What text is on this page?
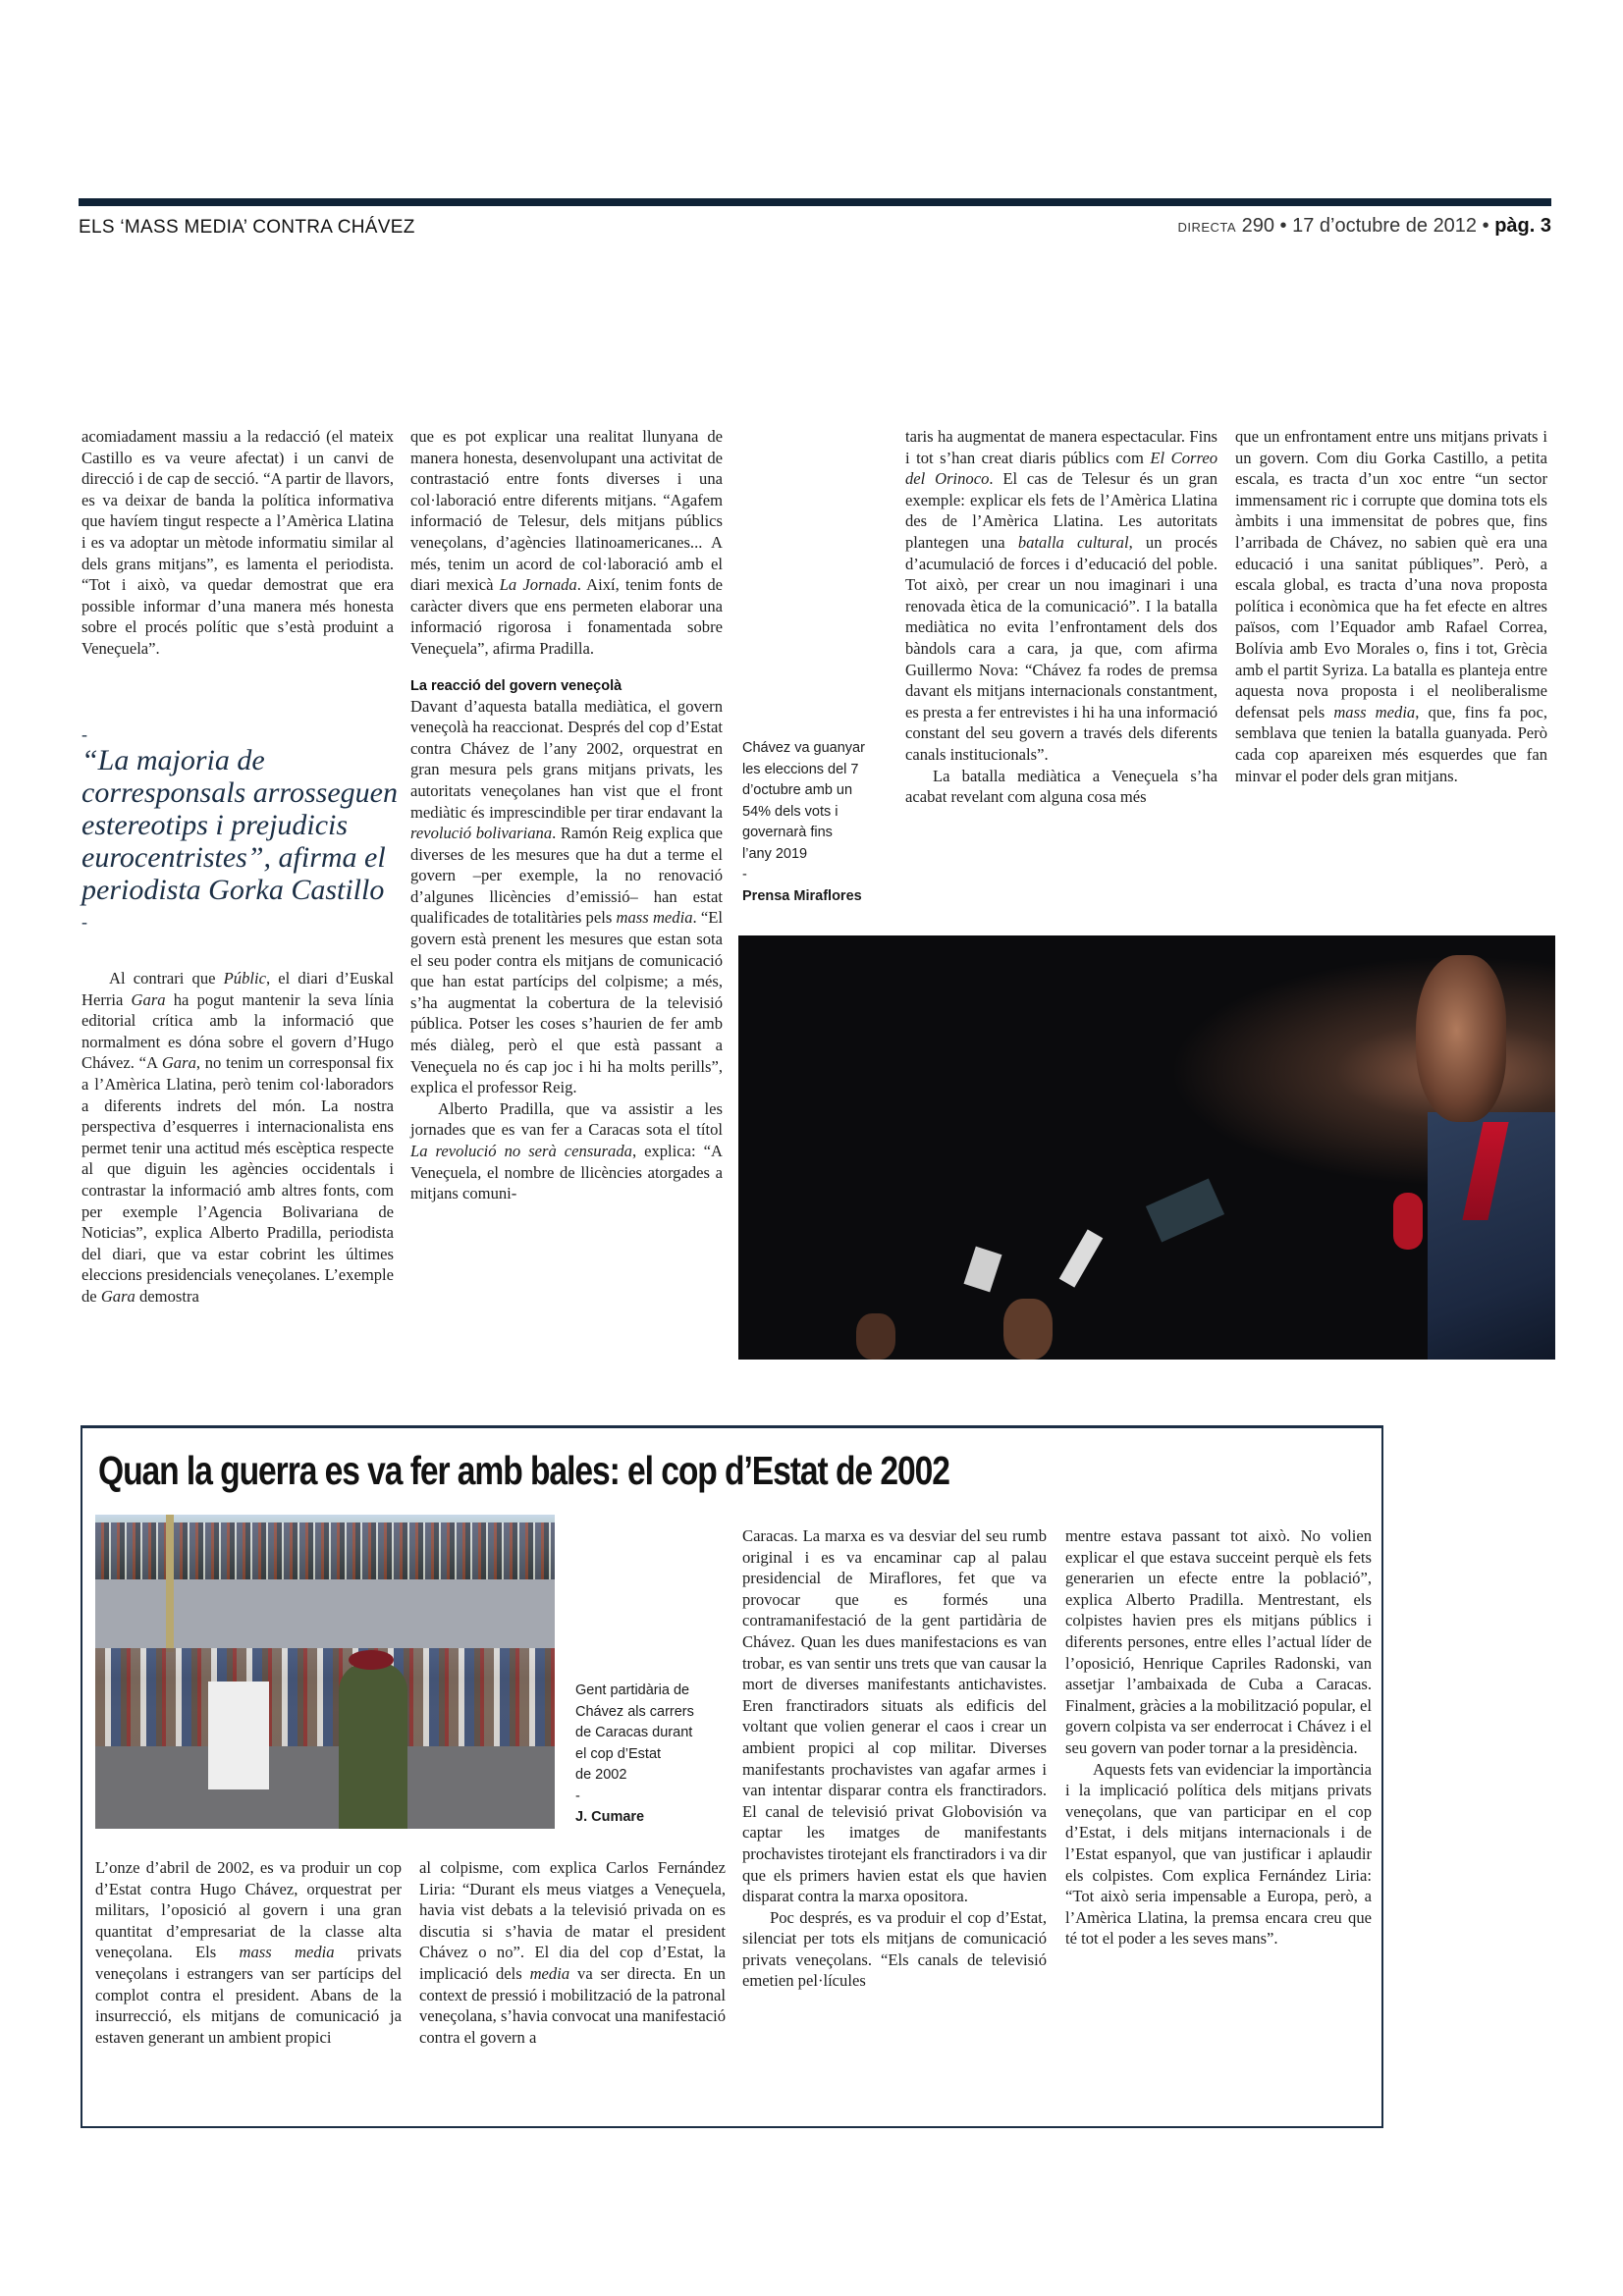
ELS ‘MASS MEDIA’ CONTRA CHÁVEZ	DIRECTA 290 • 17 d’octubre de 2012 • pàg. 3

acomiadament massiu a la redacció (el mateix Castillo es va veure afectat) i un canvi de direcció i de cap de secció. “A partir de llavors, es va deixar de banda la política informativa que havíem tingut respecte a l’Amèrica Llatina i es va adoptar un mètode informatiu similar al dels grans mitjans”, es lamenta el periodista. “Tot i això, va quedar demostrat que era possible informar d’una manera més honesta sobre el procés polític que s’està produint a Veneçuela”.

-
“La majoria de corresponsals arrosseguen estereotips i prejudicis eurocentristes”, afirma el periodista Gorka Castillo
-

Al contrari que Públic, el diari d’Euskal Herria Gara ha pogut mantenir la seva línia editorial crítica amb la informació que normalment es dóna sobre el govern d’Hugo Chávez. “A Gara, no tenim un corresponsal fix a l’Amèrica Llatina, però tenim col·laboradors a diferents indrets del món. La nostra perspectiva d’esquerres i internacionalista ens permet tenir una actitud més escèptica respecte al que diguin les agències occidentals i contrastar la informació amb altres fonts, com per exemple l’Agencia Bolivariana de Noticias”, explica Alberto Pradilla, periodista del diari, que va estar cobrint les últimes eleccions presidencials veneçolanes. L’exemple de Gara demostra

que es pot explicar una realitat llunyana de manera honesta, desenvolupant una activitat de contrastació entre fonts diverses i una col·laboració entre diferents mitjans. “Agafem informació de Telesur, dels mitjans públics veneçolans, d’agències llatinoamericanes... A més, tenim un acord de col·laboració amb el diari mexicà La Jornada. Així, tenim fonts de caràcter divers que ens permeten elaborar una informació rigorosa i fonamentada sobre Veneçuela”, afirma Pradilla.

La reacció del govern veneçolà

Davant d’aquesta batalla mediàtica, el govern veneçolà ha reaccionat. Després del cop d’Estat contra Chávez de l’any 2002, orquestrat en gran mesura pels grans mitjans privats, les autoritats veneçolanes han vist que el front mediàtic és imprescindible per tirar endavant la revolució bolivariana. Ramón Reig explica que diverses de les mesures que ha dut a terme el govern –per exemple, la no renovació d’algunes llicències d’emissió– han estat qualificades de totalitàries pels mass media. “El govern està prenent les mesures que estan sota el seu poder contra els mitjans de comunicació que han estat partícips del colpisme; a més, s’ha augmentat la cobertura de la televisió pública. Potser les coses s’haurien de fer amb més diàleg, però el que està passant a Veneçuela no és cap joc i hi ha molts perills”, explica el professor Reig.

Alberto Pradilla, que va assistir a les jornades que es van fer a Caracas sota el títol La revolució no serà censurada, explica: “A Veneçuela, el nombre de llicències atorgades a mitjans comuni-

Chávez va guanyar
les eleccions del 7
d’octubre amb un
54% dels vots i
governarà fins
l’any 2019
-
Prensa Miraflores

taris ha augmentat de manera espectacular. Fins i tot s’han creat diaris públics com El Correo del Orinoco. El cas de Telesur és un gran exemple: explicar els fets de l’Amèrica Llatina des de l’Amèrica Llatina. Les autoritats plantegen una batalla cultural, un procés d’acumulació de forces i d’educació del poble. Tot això, per crear un nou imaginari i una renovada ètica de la comunicació”. I la batalla mediàtica no evita l’enfrontament dels dos bàndols cara a cara, ja que, com afirma Guillermo Nova: “Chávez fa rodes de premsa davant els mitjans internacionals constantment, es presta a fer entrevistes i hi ha una informació constant del seu govern a través dels diferents canals institucionals”.

La batalla mediàtica a Veneçuela s’ha acabat revelant com alguna cosa més

que un enfrontament entre uns mitjans privats i un govern. Com diu Gorka Castillo, a petita escala, es tracta d’un xoc entre “un sector immensament ric i corrupte que domina tots els àmbits i una immensitat de pobres que, fins l’arribada de Chávez, no sabien què era una educació i una sanitat públiques”. Però, a escala global, es tracta d’una nova proposta política i econòmica que ha fet efecte en altres països, com l’Equador amb Rafael Correa, Bolívia amb Evo Morales o, fins i tot, Grècia amb el partit Syriza. La batalla es planteja entre aquesta nova proposta i el neoliberalisme defensat pels mass media, que, fins fa poc, semblava que tenien la batalla guanyada. Però cada cop apareixen més esquerdes que fan minvar el poder dels gran mitjans.

Quan la guerra es va fer amb bales: el cop d’Estat de 2002
Gent partidària de
Chávez als carrers
de Caracas durant
el cop d’Estat
de 2002
-
J. Cumare

L’onze d’abril de 2002, es va produir un cop d’Estat contra Hugo Chávez, orquestrat per militars, l’oposició al govern i una gran quantitat d’empresariat de la classe alta veneçolana. Els mass media privats veneçolans i estrangers van ser partícips del complot contra el president. Abans de la insurrecció, els mitjans de comunicació ja estaven generant un ambient propici

al colpisme, com explica Carlos Fernández Liria: “Durant els meus viatges a Veneçuela, havia vist debats a la televisió privada on es discutia si s’havia de matar el president Chávez o no”. El dia del cop d’Estat, la implicació dels media va ser directa. En un context de pressió i mobilització de la patronal veneçolana, s’havia convocat una manifestació contra el govern a

Caracas. La marxa es va desviar del seu rumb original i es va encaminar cap al palau presidencial de Miraflores, fet que va provocar que es formés una contramanifestació de la gent partidària de Chávez. Quan les dues manifestacions es van trobar, es van sentir uns trets que van causar la mort de diverses manifestants antichavistes. Eren franctiradors situats als edificis del voltant que volien generar el caos i crear un ambient propici al cop militar. Diverses manifestants prochavistes van agafar armes i van intentar disparar contra els franctiradors. El canal de televisió privat Globovisión va captar les imatges de manifestants prochavistes tirotejant els franctiradors i va dir que els primers havien estat els que havien disparat contra la marxa opositora.

Poc després, es va produir el cop d’Estat, silenciat per tots els mitjans de comunicació privats veneçolans. “Els canals de televisió emetien pel·lícules

mentre estava passant tot això. No volien explicar el que estava succeint perquè els fets generarien un efecte entre la població”, explica Alberto Pradilla. Mentrestant, els colpistes havien pres els mitjans públics i diferents persones, entre elles l’actual líder de l’oposició, Henrique Capriles Radonski, van assetjar l’ambaixada de Cuba a Caracas. Finalment, gràcies a la mobilització popular, el govern colpista va ser enderrocat i Chávez i el seu govern van poder tornar a la presidència.

Aquests fets van evidenciar la importància i la implicació política dels mitjans privats veneçolans, que van participar en el cop d’Estat, i dels mitjans internacionals i de l’Estat espanyol, que van justificar i aplaudir els colpistes. Com explica Fernández Liria: “Tot això seria impensable a Europa, però, a l’Amèrica Llatina, la premsa encara creu que té tot el poder a les seves mans”.
